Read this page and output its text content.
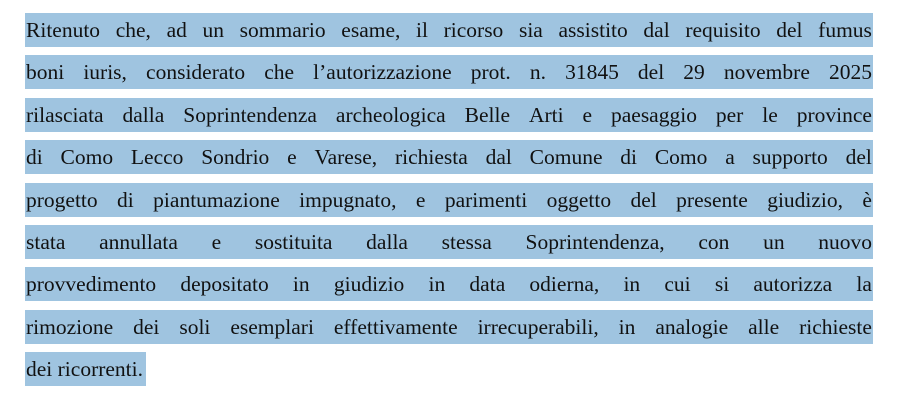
Ritenuto che, ad un sommario esame, il ricorso sia assistito dal requisito del fumus
boni iuris, considerato che l’autorizzazione prot. n. 31845 del 29 novembre 2025
rilasciata dalla Soprintendenza archeologica Belle Arti e paesaggio per le province
di Como Lecco Sondrio e Varese, richiesta dal Comune di Como a supporto del
progetto di piantumazione impugnato, e parimenti oggetto del presente giudizio, è
stata annullata e sostituita dalla stessa Soprintendenza, con un nuovo
provvedimento depositato in giudizio in data odierna, in cui si autorizza la
rimozione dei soli esemplari effettivamente irrecuperabili, in analogie alle richieste
dei ricorrenti.
